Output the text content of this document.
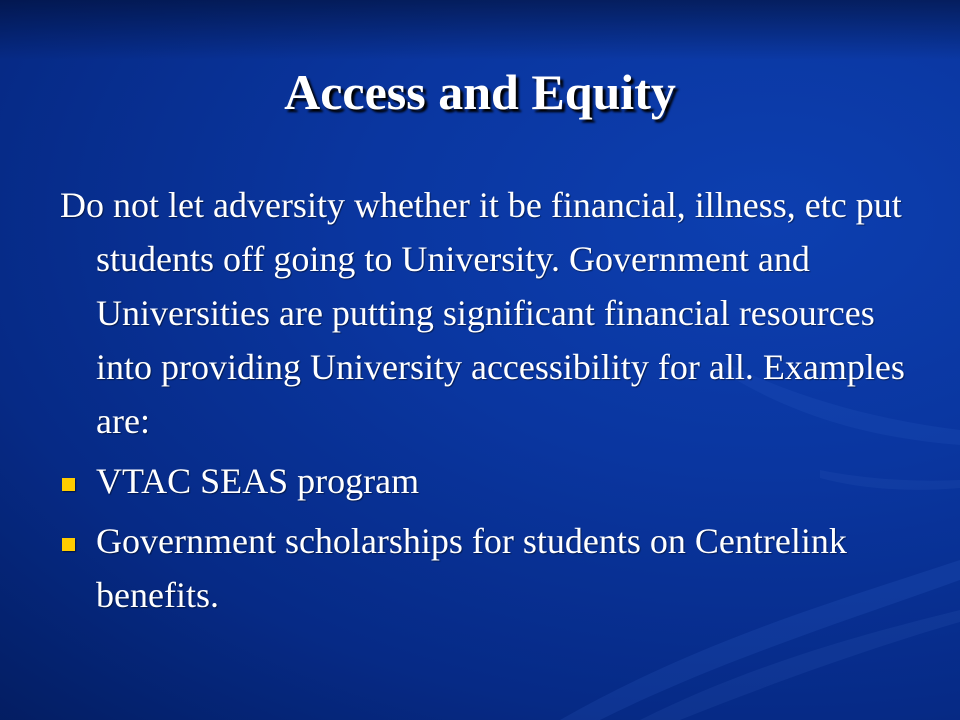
Access and Equity

Do not let adversity whether it be financial, illness, etc put students off going to University. Government and Universities are putting significant financial resources into providing University accessibility for all. Examples are:

VTAC SEAS program
Government scholarships for students on Centrelink benefits.
